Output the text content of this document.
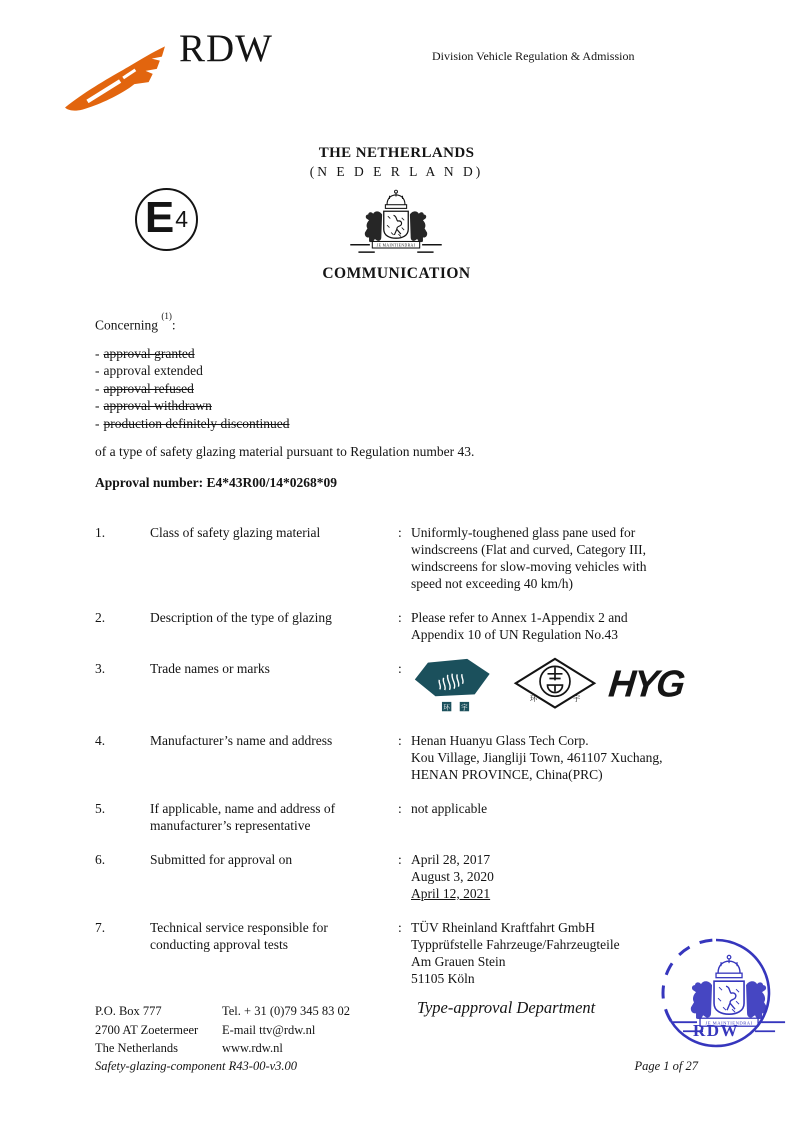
RDW	Division Vehicle Regulation & Admission
THE NETHERLANDS
(N E D E R L A N D)
E 4
COMMUNICATION
Concerning $^{(1)}$:
- approval granted
- approval extended
- approval refused
- approval withdrawn
- production definitely discontinued
of a type of safety glazing material pursuant to Regulation number 43.
Approval number: E4*43R00/14*0268*09
1.	Class of safety glazing material	: Uniformly-toughened glass pane used for
windscreens (Flat and curved, Category III,
windscreens for slow-moving vehicles with
speed not exceeding 40 km/h)
2.	Description of the type of glazing	: Please refer to Annex 1-Appendix 2 and
Appendix 10 of UN Regulation No.43
3.	Trade names or marks	:
环 宇
环	宇 HYG
4.	Manufacturer’s name and address	: Henan Huanyu Glass Tech Corp.
Kou Village, Jiangliji Town, 461107 Xuchang,
HENAN PROVINCE, China(PRC)
5.	If applicable, name and address of
manufacturer’s representative
: not applicable
6.	Submitted for approval on	: April 28, 2017
August 3, 2020
April 12, 2021
7.	Technical service responsible for
conducting approval tests
: TÜV Rheinland Kraftfahrt GmbH
Typprüfstelle Fahrzeuge/Fahrzeugteile
Am Grauen Stein
51105 Köln
RDW
P.O. Box 777
2700 AT Zoetermeer
The Netherlands
Tel. + 31 (0)79 345 83 02
E-mail ttv@rdw.nl
www.rdw.nl
Type-approval Department
Safety-glazing-component R43-00-v3.00	Page 1 of 27
